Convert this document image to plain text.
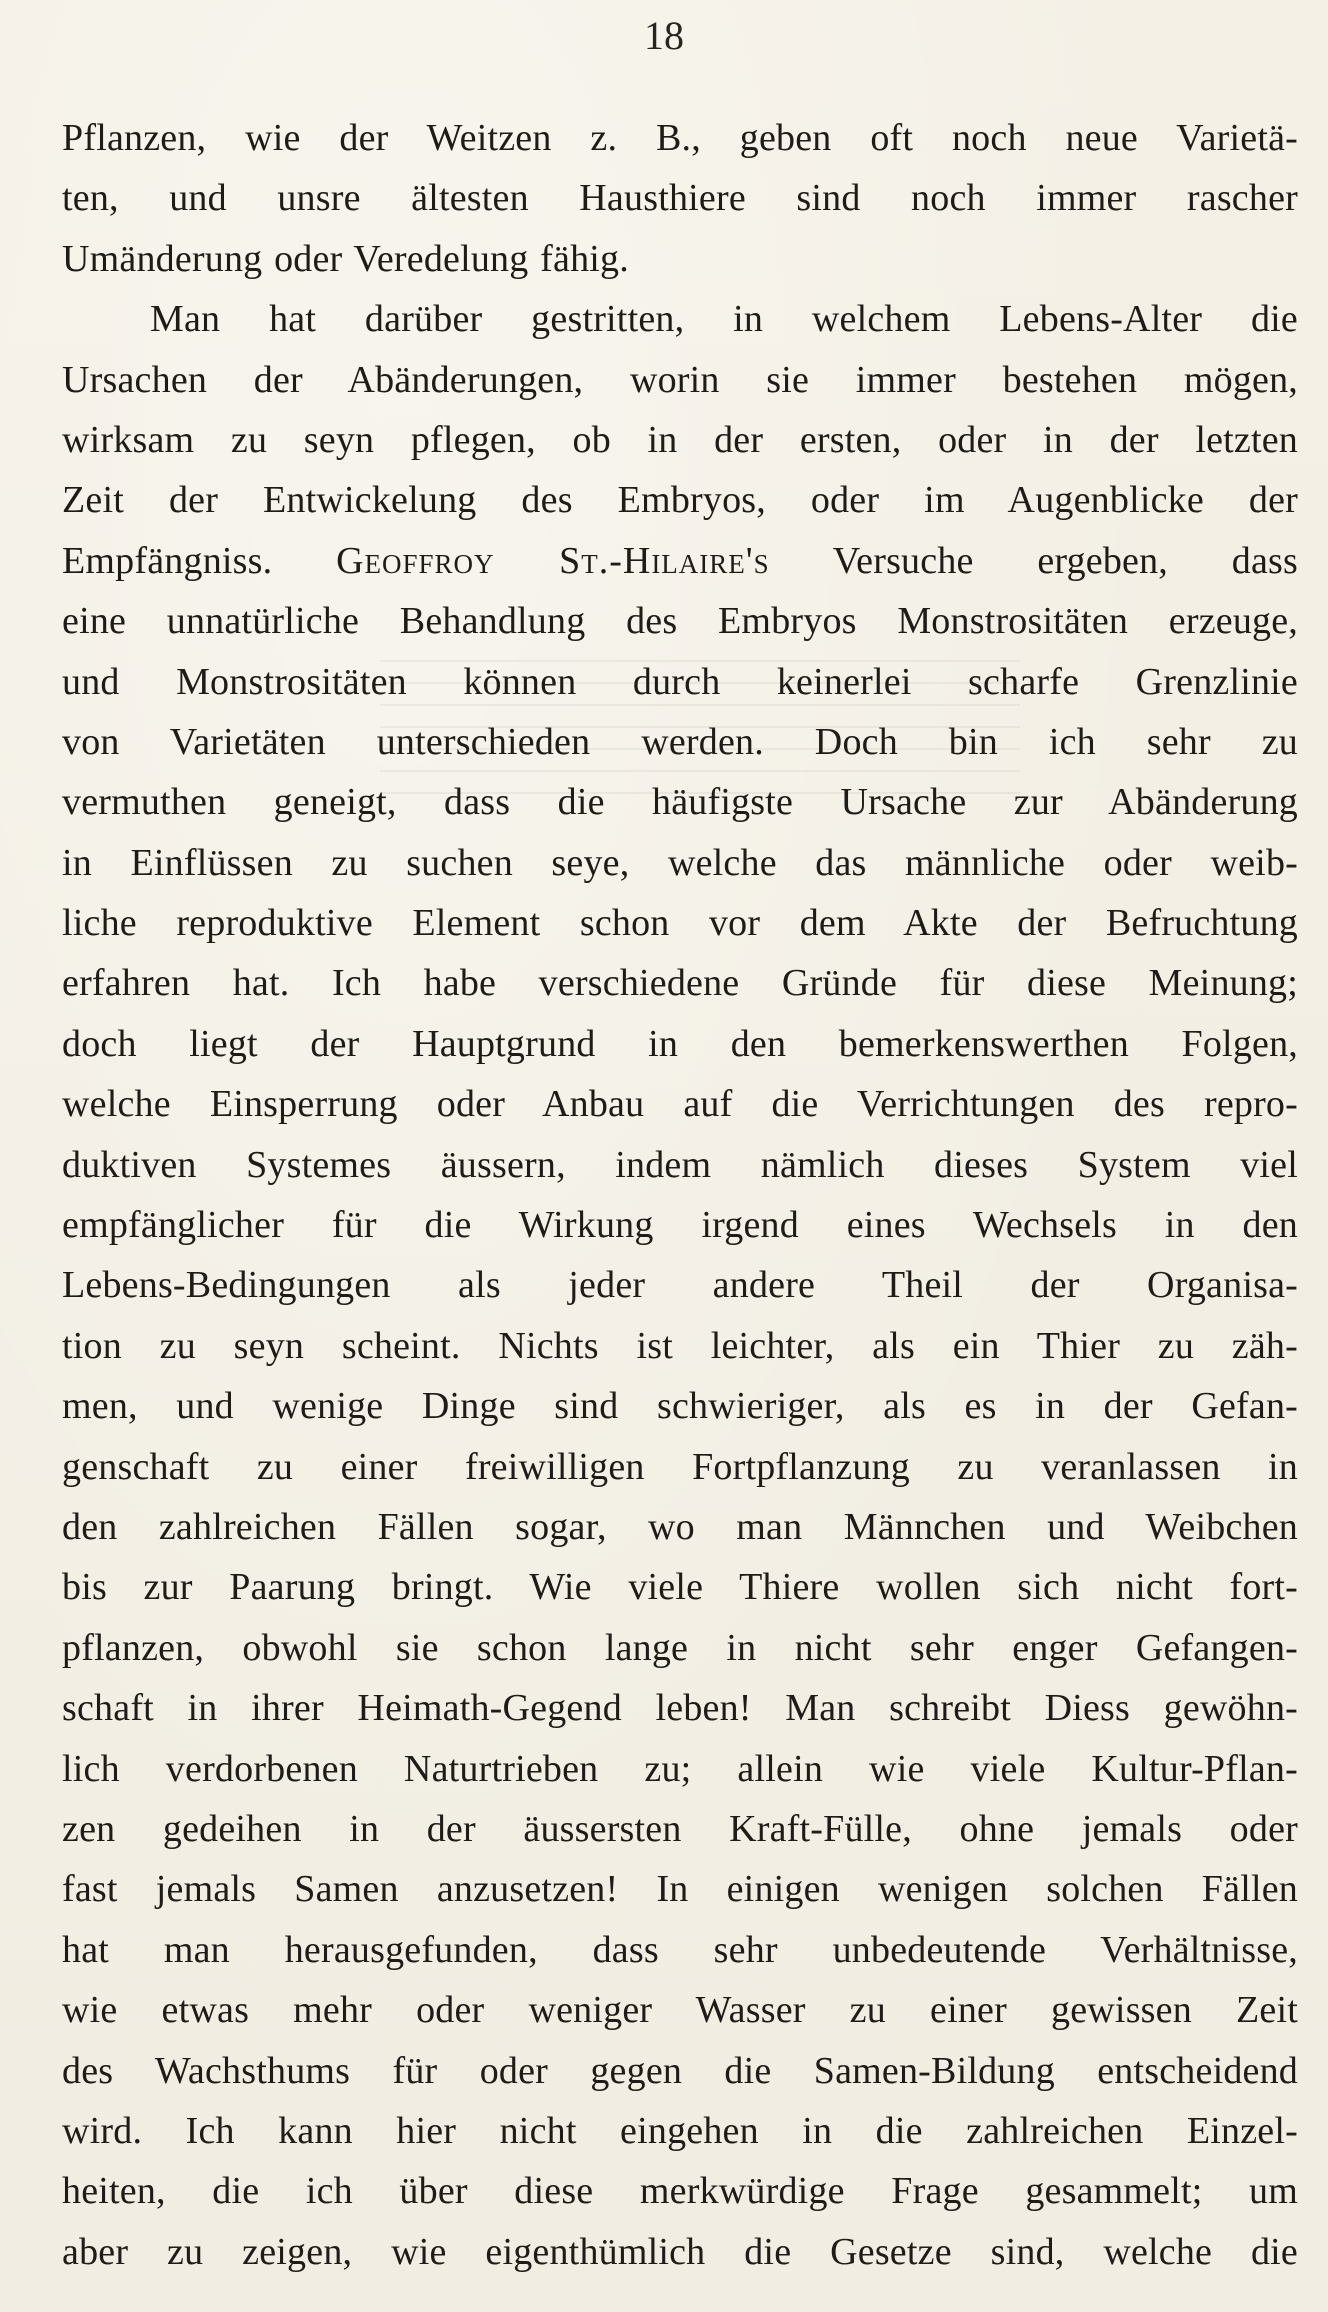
18
Pflanzen, wie der Weitzen z. B., geben oft noch neue Varietä-
ten, und unsre ältesten Hausthiere sind noch immer rascher
Umänderung oder Veredelung fähig.
Man hat darüber gestritten, in welchem Lebens-Alter die
Ursachen der Abänderungen, worin sie immer bestehen mögen,
wirksam zu seyn pflegen, ob in der ersten, oder in der letzten
Zeit der Entwickelung des Embryos, oder im Augenblicke der
Empfängniss. Geoffroy St.-Hilaire's Versuche ergeben, dass
eine unnatürliche Behandlung des Embryos Monstrositäten erzeuge,
und Monstrositäten können durch keinerlei scharfe Grenzlinie
von Varietäten unterschieden werden. Doch bin ich sehr zu
vermuthen geneigt, dass die häufigste Ursache zur Abänderung
in Einflüssen zu suchen seye, welche das männliche oder weib-
liche reproduktive Element schon vor dem Akte der Befruchtung
erfahren hat. Ich habe verschiedene Gründe für diese Meinung;
doch liegt der Hauptgrund in den bemerkenswerthen Folgen,
welche Einsperrung oder Anbau auf die Verrichtungen des repro-
duktiven Systemes äussern, indem nämlich dieses System viel
empfänglicher für die Wirkung irgend eines Wechsels in den
Lebens-Bedingungen als jeder andere Theil der Organisa-
tion zu seyn scheint. Nichts ist leichter, als ein Thier zu zäh-
men, und wenige Dinge sind schwieriger, als es in der Gefan-
genschaft zu einer freiwilligen Fortpflanzung zu veranlassen in
den zahlreichen Fällen sogar, wo man Männchen und Weibchen
bis zur Paarung bringt. Wie viele Thiere wollen sich nicht fort-
pflanzen, obwohl sie schon lange in nicht sehr enger Gefangen-
schaft in ihrer Heimath-Gegend leben! Man schreibt Diess gewöhn-
lich verdorbenen Naturtrieben zu; allein wie viele Kultur-Pflan-
zen gedeihen in der äussersten Kraft-Fülle, ohne jemals oder
fast jemals Samen anzusetzen! In einigen wenigen solchen Fällen
hat man herausgefunden, dass sehr unbedeutende Verhältnisse,
wie etwas mehr oder weniger Wasser zu einer gewissen Zeit
des Wachsthums für oder gegen die Samen-Bildung entscheidend
wird. Ich kann hier nicht eingehen in die zahlreichen Einzel-
heiten, die ich über diese merkwürdige Frage gesammelt; um
aber zu zeigen, wie eigenthümlich die Gesetze sind, welche die
